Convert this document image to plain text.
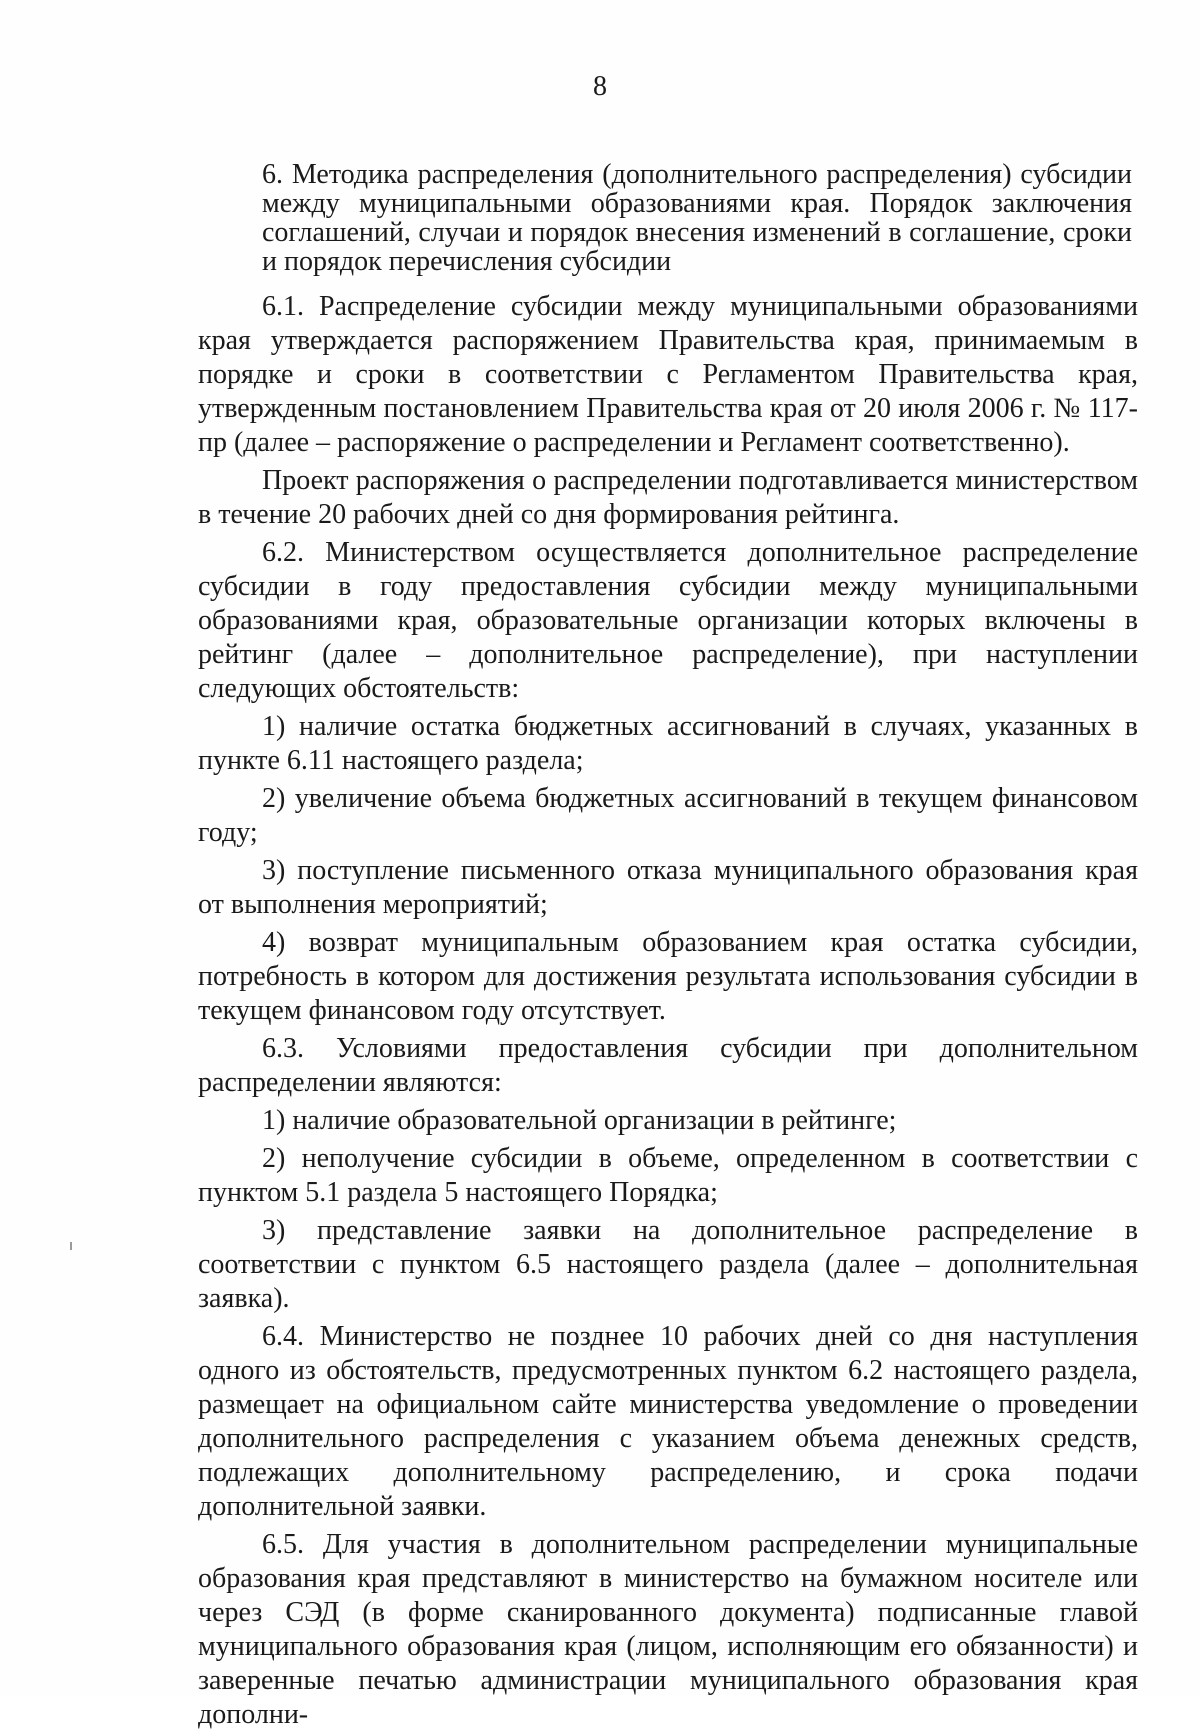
8
6. Методика распределения (дополнительного распределения) субсидии между муниципальными образованиями края. Порядок заключения соглашений, случаи и порядок внесения изменений в соглашение, сроки и порядок перечисления субсидии

6.1. Распределение субсидии между муниципальными образованиями края утверждается распоряжением Правительства края, принимаемым в порядке и сроки в соответствии с Регламентом Правительства края, утвержденным постановлением Правительства края от 20 июля 2006 г. № 117-пр (далее – распоряжение о распределении и Регламент соответственно).

Проект распоряжения о распределении подготавливается министерством в течение 20 рабочих дней со дня формирования рейтинга.

6.2. Министерством осуществляется дополнительное распределение субсидии в году предоставления субсидии между муниципальными образованиями края, образовательные организации которых включены в рейтинг (далее – дополнительное распределение), при наступлении следующих обстоятельств:

1) наличие остатка бюджетных ассигнований в случаях, указанных в пункте 6.11 настоящего раздела;

2) увеличение объема бюджетных ассигнований в текущем финансовом году;

3) поступление письменного отказа муниципального образования края от выполнения мероприятий;

4) возврат муниципальным образованием края остатка субсидии, потребность в котором для достижения результата использования субсидии в текущем финансовом году отсутствует.

6.3. Условиями предоставления субсидии при дополнительном распределении являются:

1) наличие образовательной организации в рейтинге;

2) неполучение субсидии в объеме, определенном в соответствии с пунктом 5.1 раздела 5 настоящего Порядка;

3) представление заявки на дополнительное распределение в соответствии с пунктом 6.5 настоящего раздела (далее – дополнительная заявка).

6.4. Министерство не позднее 10 рабочих дней со дня наступления одного из обстоятельств, предусмотренных пунктом 6.2 настоящего раздела, размещает на официальном сайте министерства уведомление о проведении дополнительного распределения с указанием объема денежных средств, подлежащих дополнительному распределению, и срока подачи дополнительной заявки.

6.5. Для участия в дополнительном распределении муниципальные образования края представляют в министерство на бумажном носителе или через СЭД (в форме сканированного документа) подписанные главой муниципального образования края (лицом, исполняющим его обязанности) и заверенные печатью администрации муниципального образования края дополни-
